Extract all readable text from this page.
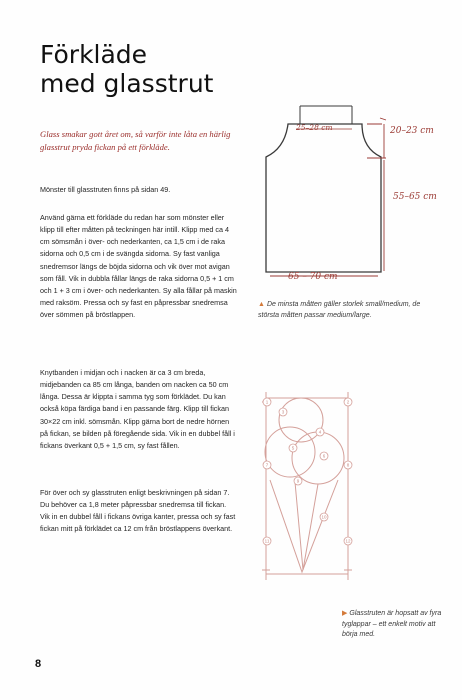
Förkläde
med glasstrut

Glass smakar gott året om, så varför inte låta en härlig glasstrut pryda fickan på ett förkläde.

Mönster till glasstruten finns på sidan 49.

Använd gärna ett förkläde du redan har som mönster eller klipp till efter måtten på teckningen här intill. Klipp med ca 4 cm sömsmån i över- och nederkanten, ca 1,5 cm i de raka sidorna och 0,5 cm i de svängda sidorna. Sy fast vanliga snedremsor längs de böjda sidorna och vik över mot avigan som fåll. Vik in dubbla fållar längs de raka sidorna 0,5 + 1 cm och 1 + 3 cm i över- och nederkanten. Sy alla fållar på maskin med raksöm. Pressa och sy fast en påpressbar snedremsa över sömmen på bröstlappen.

Knytbanden i midjan och i nacken är ca 3 cm breda, midjebanden ca 85 cm långa, banden om nacken ca 50 cm långa. Dessa är klippta i samma tyg som förklädet. Du kan också köpa färdiga band i en passande färg. Klipp till fickan 30×22 cm inkl. sömsmån. Klipp gärna bort de nedre hörnen på fickan, se bilden på föregående sida. Vik in en dubbel fåll i fickans överkant 0,5 + 1,5 cm, sy fast fållen.

För över och sy glasstruten enligt beskrivningen på sidan 7. Du behöver ca 1,8 meter påpressbar snedremsa till fickan. Vik in en dubbel fåll i fickans övriga kanter, pressa och sy fast fickan mitt på förklädet ca 12 cm från bröstlappens överkant.

25–28 cm	20–23 cm

55–65 cm

65 – 70 cm

▲ De minsta måtten gäller storlek small/medium, de största måtten passar medium/large.

1	2
3
4
5
6
7	8
9
10
11	12

▶ Glasstruten är hopsatt av fyra tyglappar – ett enkelt motiv att börja med.

8
